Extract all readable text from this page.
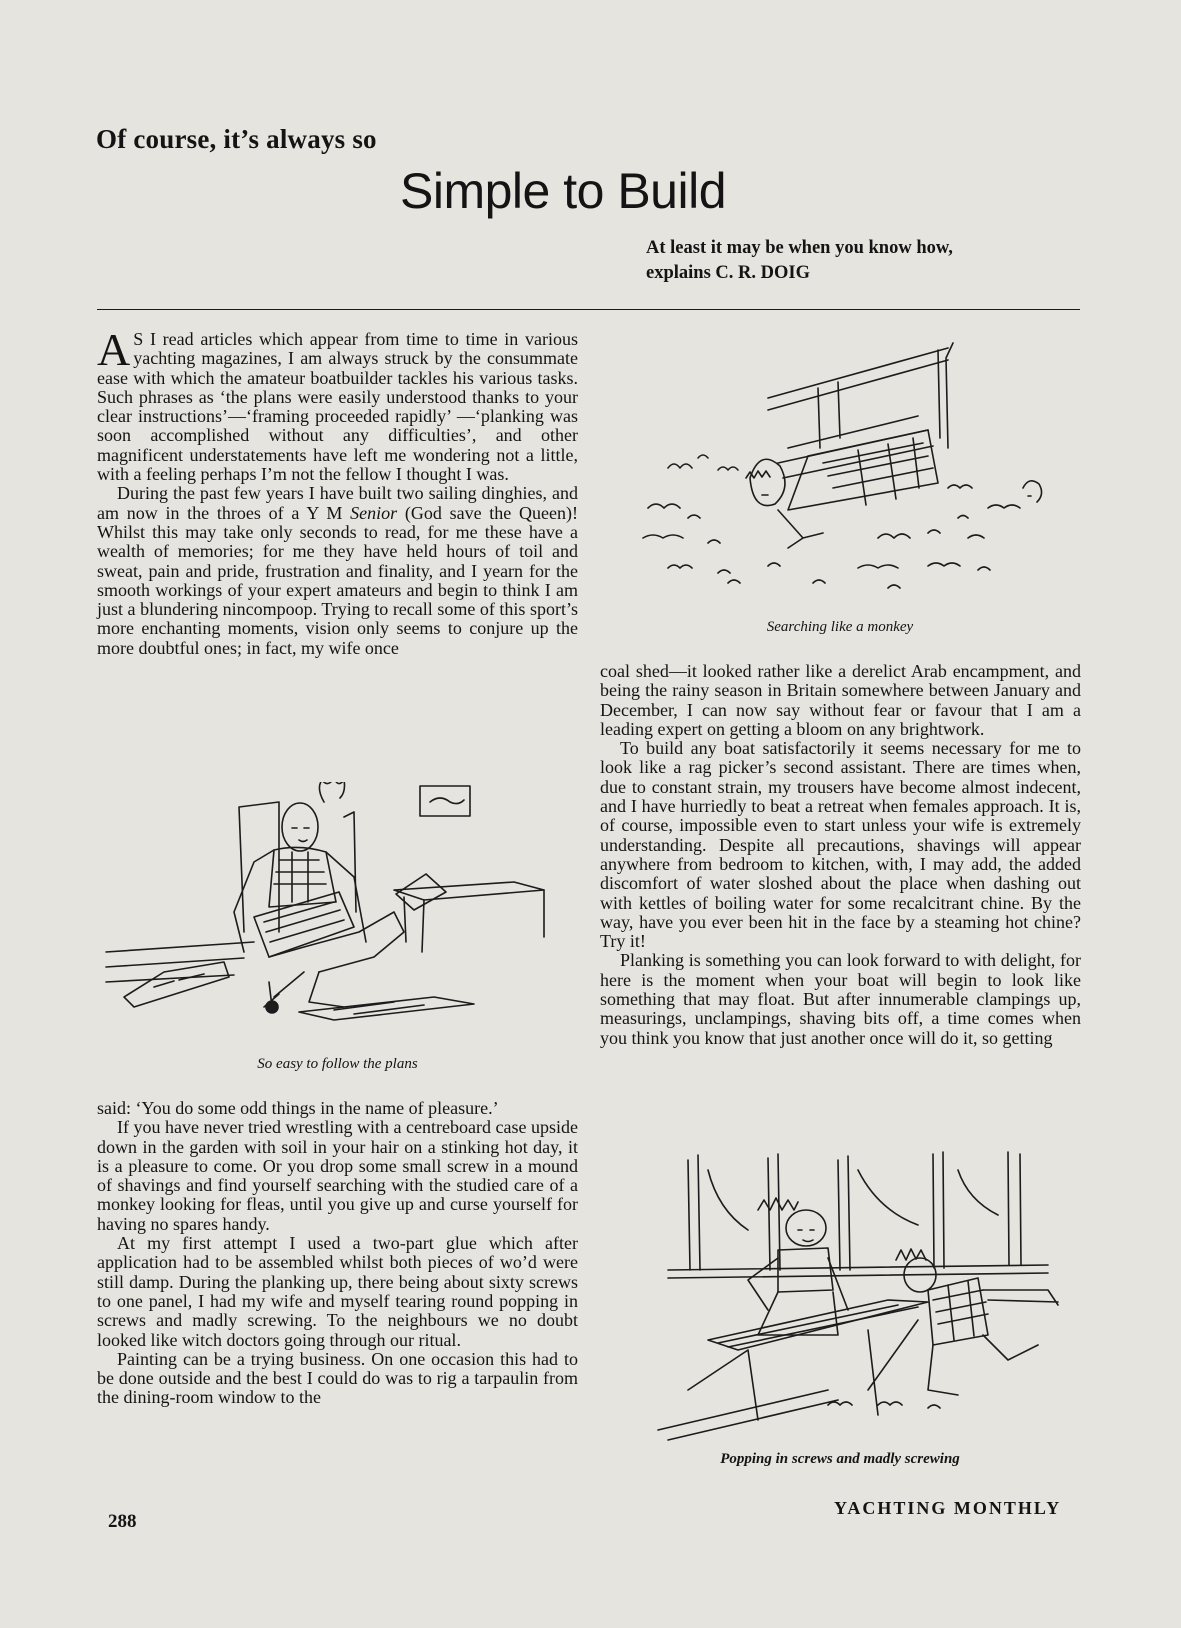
Of course, it’s always so
Simple to Build
At least it may be when you know how,
explains C. R. DOIG

A S I read articles which appear from time to time in various yachting magazines, I am always struck by the consummate ease with which the amateur boatbuilder tackles his various tasks. Such phrases as ‘the plans were easily understood thanks to your clear instructions’—‘framing proceeded rapidly’ —‘planking was soon accomplished without any difficulties’, and other magnificent understatements have left me wondering not a little, with a feeling perhaps I’m not the fellow I thought I was.

During the past few years I have built two sailing dinghies, and am now in the throes of a Y M Senior (God save the Queen)! Whilst this may take only seconds to read, for me these have a wealth of memories; for me they have held hours of toil and sweat, pain and pride, frustration and finality, and I yearn for the smooth workings of your expert amateurs and begin to think I am just a blundering nincompoop. Trying to recall some of this sport’s more enchanting moments, vision only seems to conjure up the more doubtful ones; in fact, my wife once

So easy to follow the plans

said: ‘You do some odd things in the name of pleasure.’

If you have never tried wrestling with a centreboard case upside down in the garden with soil in your hair on a stinking hot day, it is a pleasure to come. Or you drop some small screw in a mound of shavings and find yourself searching with the studied care of a monkey looking for fleas, until you give up and curse yourself for having no spares handy.

At my first attempt I used a two-part glue which after application had to be assembled whilst both pieces of wo’d were still damp. During the planking up, there being about sixty screws to one panel, I had my wife and myself tearing round popping in screws and madly screwing. To the neighbours we no doubt looked like witch doctors going through our ritual.

Painting can be a trying business. On one occasion this had to be done outside and the best I could do was to rig a tarpaulin from the dining-room window to the

Searching like a monkey

coal shed—it looked rather like a derelict Arab encampment, and being the rainy season in Britain somewhere between January and December, I can now say without fear or favour that I am a leading expert on getting a bloom on any brightwork.

To build any boat satisfactorily it seems necessary for me to look like a rag picker’s second assistant. There are times when, due to constant strain, my trousers have become almost indecent, and I have hurriedly to beat a retreat when females approach. It is, of course, impossible even to start unless your wife is extremely understanding. Despite all precautions, shavings will appear anywhere from bedroom to kitchen, with, I may add, the added discomfort of water sloshed about the place when dashing out with kettles of boiling water for some recalcitrant chine. By the way, have you ever been hit in the face by a steaming hot chine? Try it!

Planking is something you can look forward to with delight, for here is the moment when your boat will begin to look like something that may float. But after innumerable clampings up, measurings, unclampings, shaving bits off, a time comes when you think you know that just another once will do it, so getting

Popping in screws and madly screwing
288
YACHTING MONTHLY
